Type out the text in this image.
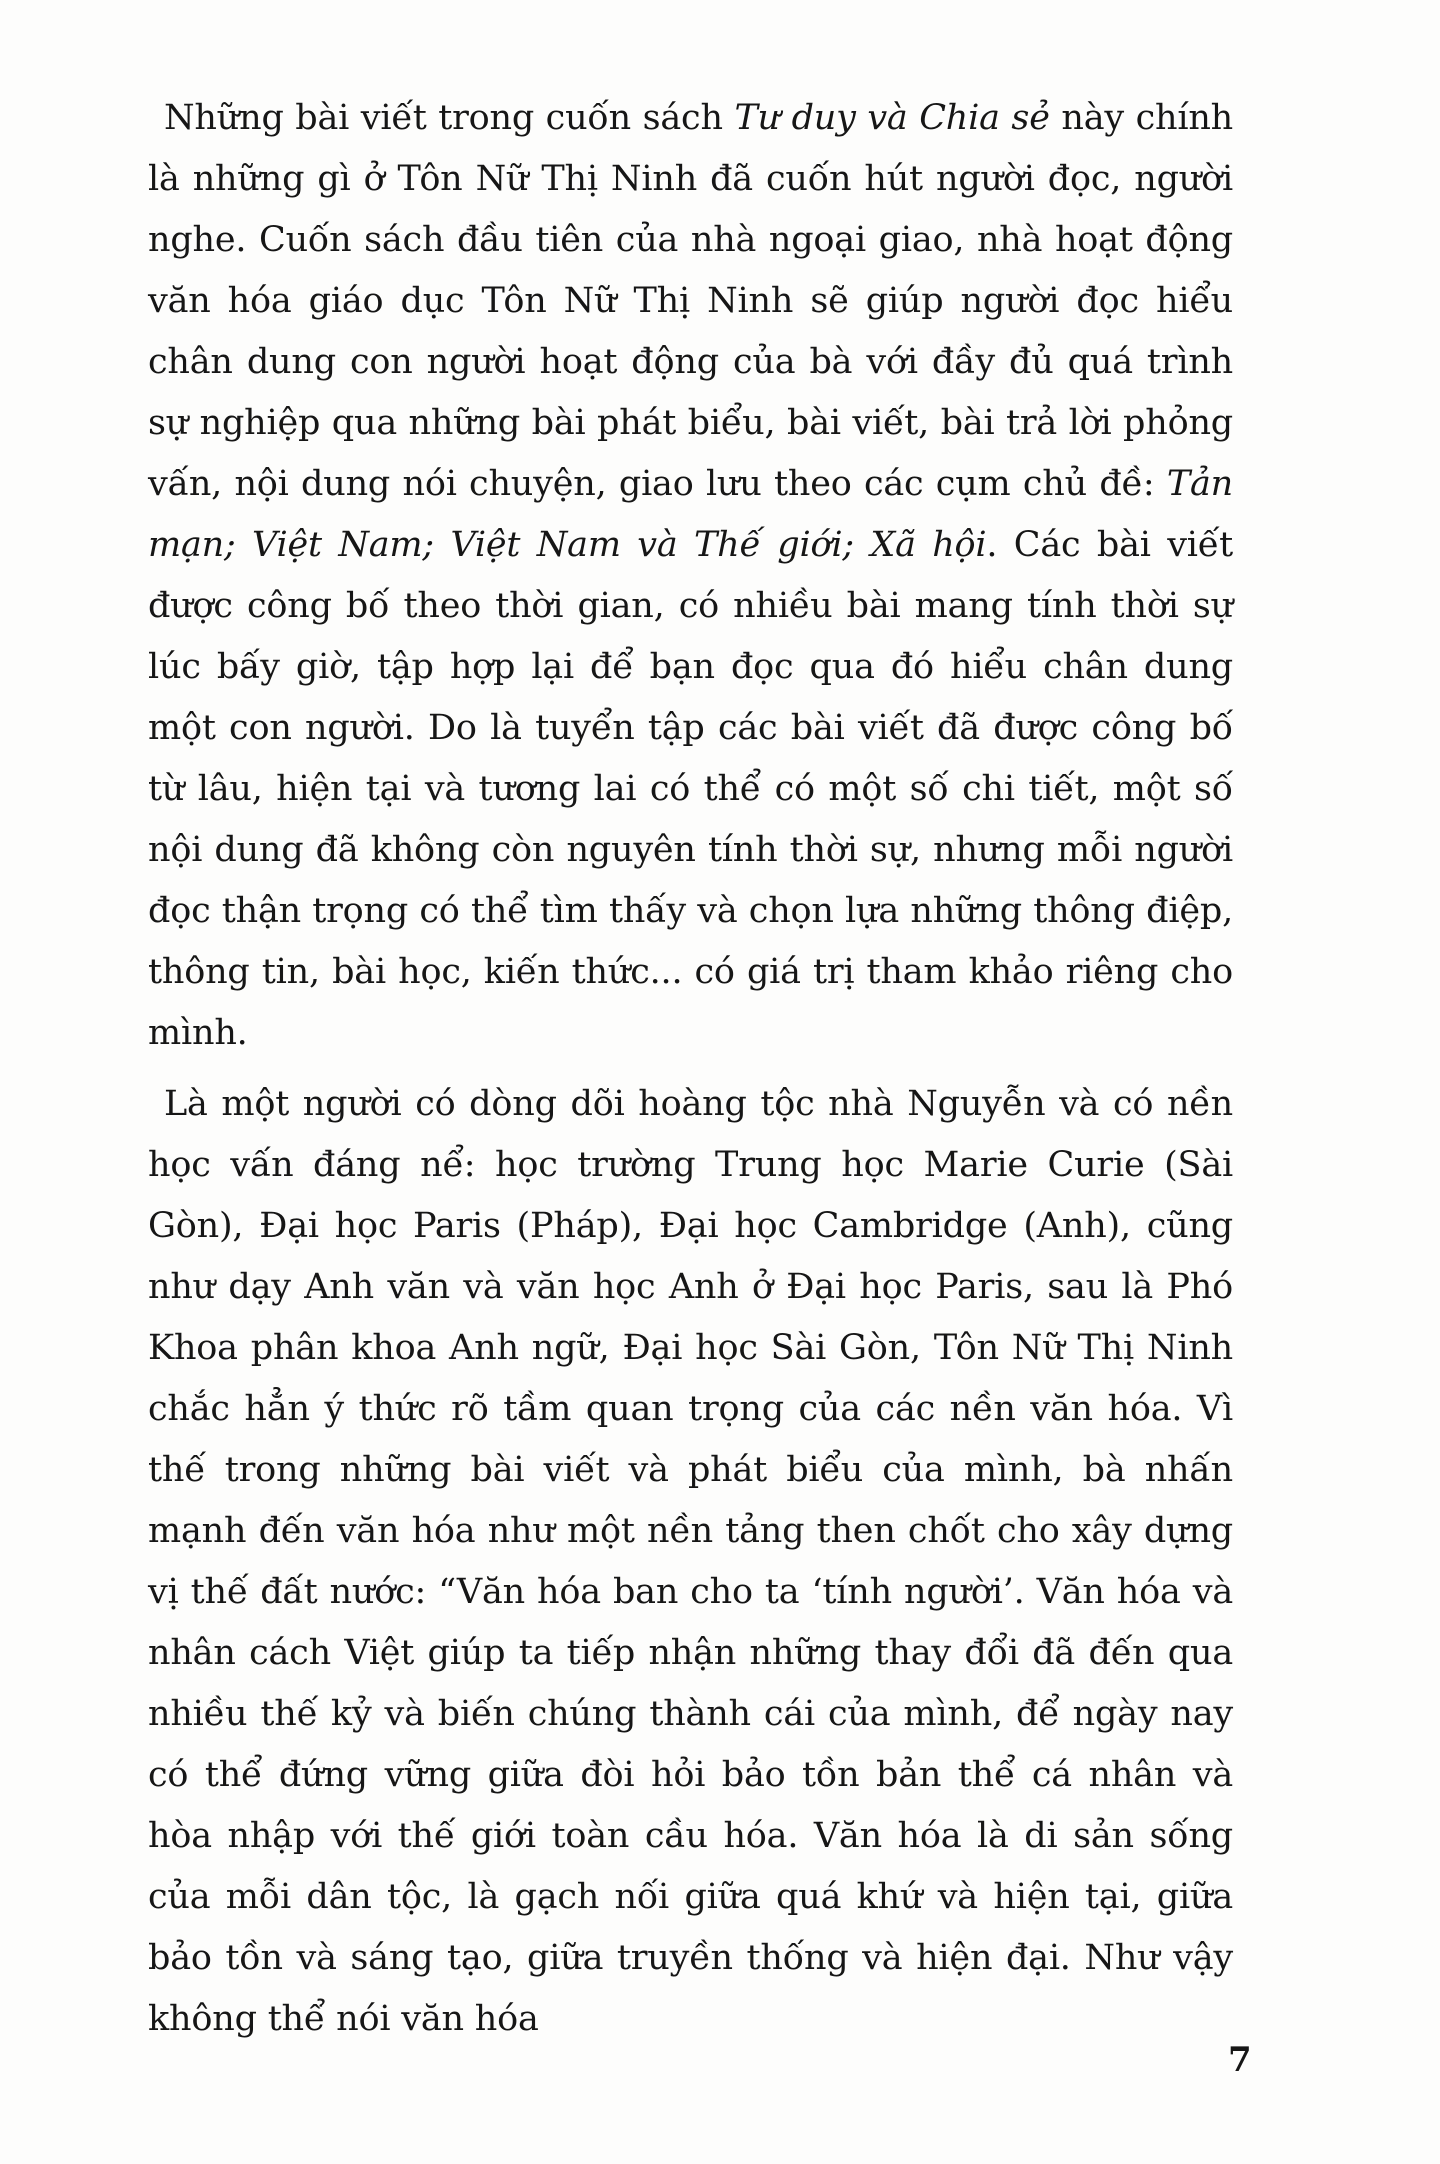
Những bài viết trong cuốn sách Tư duy và Chia sẻ này chính là những gì ở Tôn Nữ Thị Ninh đã cuốn hút người đọc, người nghe. Cuốn sách đầu tiên của nhà ngoại giao, nhà hoạt động văn hóa giáo dục Tôn Nữ Thị Ninh sẽ giúp người đọc hiểu chân dung con người hoạt động của bà với đầy đủ quá trình sự nghiệp qua những bài phát biểu, bài viết, bài trả lời phỏng vấn, nội dung nói chuyện, giao lưu theo các cụm chủ đề: Tản mạn; Việt Nam; Việt Nam và Thế giới; Xã hội. Các bài viết được công bố theo thời gian, có nhiều bài mang tính thời sự lúc bấy giờ, tập hợp lại để bạn đọc qua đó hiểu chân dung một con người. Do là tuyển tập các bài viết đã được công bố từ lâu, hiện tại và tương lai có thể có một số chi tiết, một số nội dung đã không còn nguyên tính thời sự, nhưng mỗi người đọc thận trọng có thể tìm thấy và chọn lựa những thông điệp, thông tin, bài học, kiến thức... có giá trị tham khảo riêng cho mình.

Là một người có dòng dõi hoàng tộc nhà Nguyễn và có nền học vấn đáng nể: học trường Trung học Marie Curie (Sài Gòn), Đại học Paris (Pháp), Đại học Cambridge (Anh), cũng như dạy Anh văn và văn học Anh ở Đại học Paris, sau là Phó Khoa phân khoa Anh ngữ, Đại học Sài Gòn, Tôn Nữ Thị Ninh chắc hẳn ý thức rõ tầm quan trọng của các nền văn hóa. Vì thế trong những bài viết và phát biểu của mình, bà nhấn mạnh đến văn hóa như một nền tảng then chốt cho xây dựng vị thế đất nước: “Văn hóa ban cho ta ‘tính người’. Văn hóa và nhân cách Việt giúp ta tiếp nhận những thay đổi đã đến qua nhiều thế kỷ và biến chúng thành cái của mình, để ngày nay có thể đứng vững giữa đòi hỏi bảo tồn bản thể cá nhân và hòa nhập với thế giới toàn cầu hóa. Văn hóa là di sản sống của mỗi dân tộc, là gạch nối giữa quá khứ và hiện tại, giữa bảo tồn và sáng tạo, giữa truyền thống và hiện đại. Như vậy không thể nói văn hóa

7
